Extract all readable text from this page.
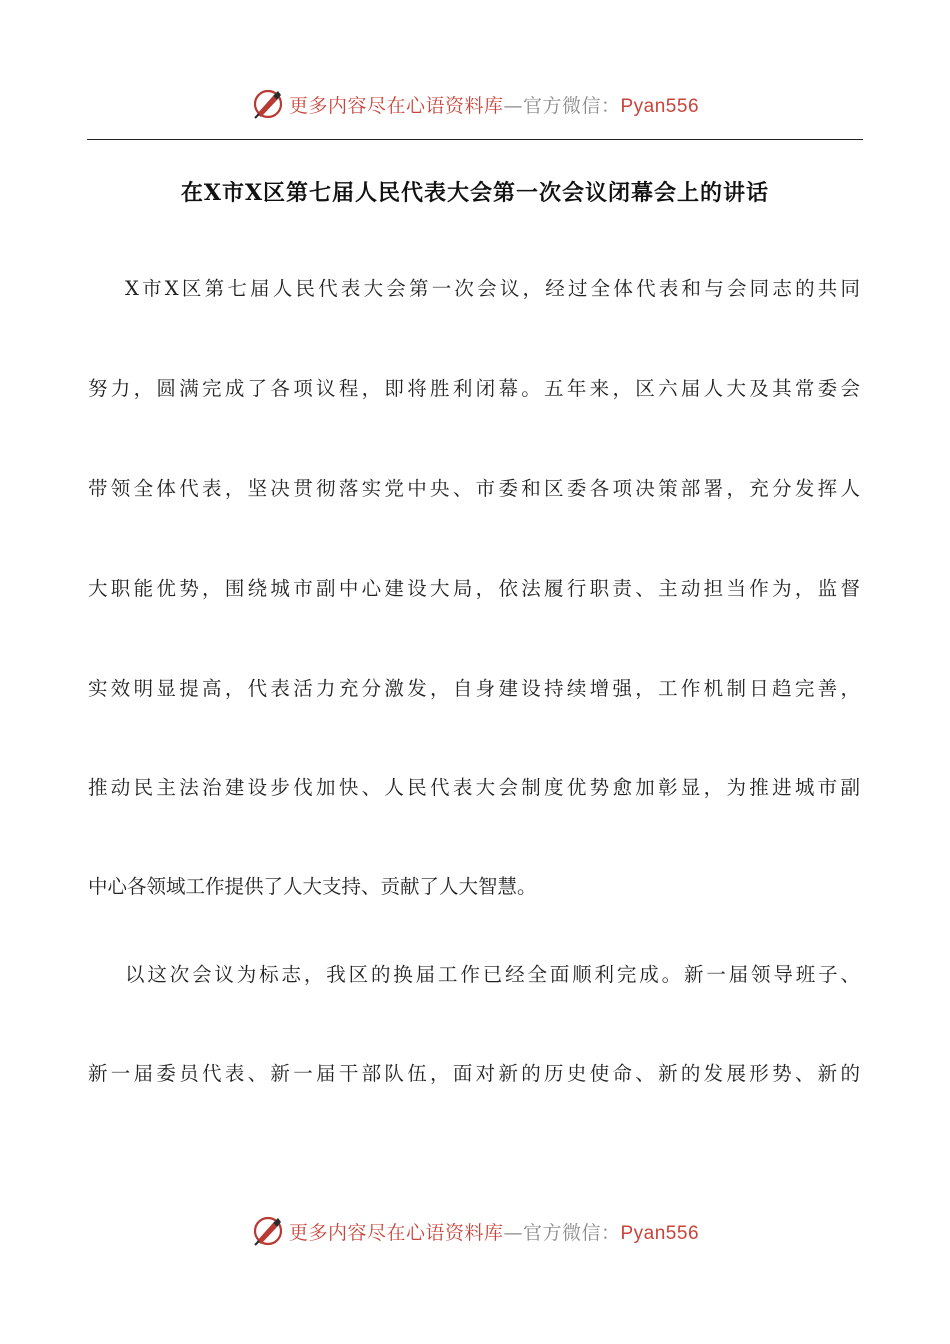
更多内容尽在心语资料库—官方微信：Pyan556
在X市X区第七届人民代表大会第一次会议闭幕会上的讲话
X市X区第七届人民代表大会第一次会议，经过全体代表和与会同志的共同
努力，圆满完成了各项议程，即将胜利闭幕。五年来，区六届人大及其常委会
带领全体代表，坚决贯彻落实党中央、市委和区委各项决策部署，充分发挥人
大职能优势，围绕城市副中心建设大局，依法履行职责、主动担当作为，监督
实效明显提高，代表活力充分激发，自身建设持续增强，工作机制日趋完善，
推动民主法治建设步伐加快、人民代表大会制度优势愈加彰显，为推进城市副
中心各领域工作提供了人大支持、贡献了人大智慧。
以这次会议为标志，我区的换届工作已经全面顺利完成。新一届领导班子、
新一届委员代表、新一届干部队伍，面对新的历史使命、新的发展形势、新的
更多内容尽在心语资料库—官方微信：Pyan556
